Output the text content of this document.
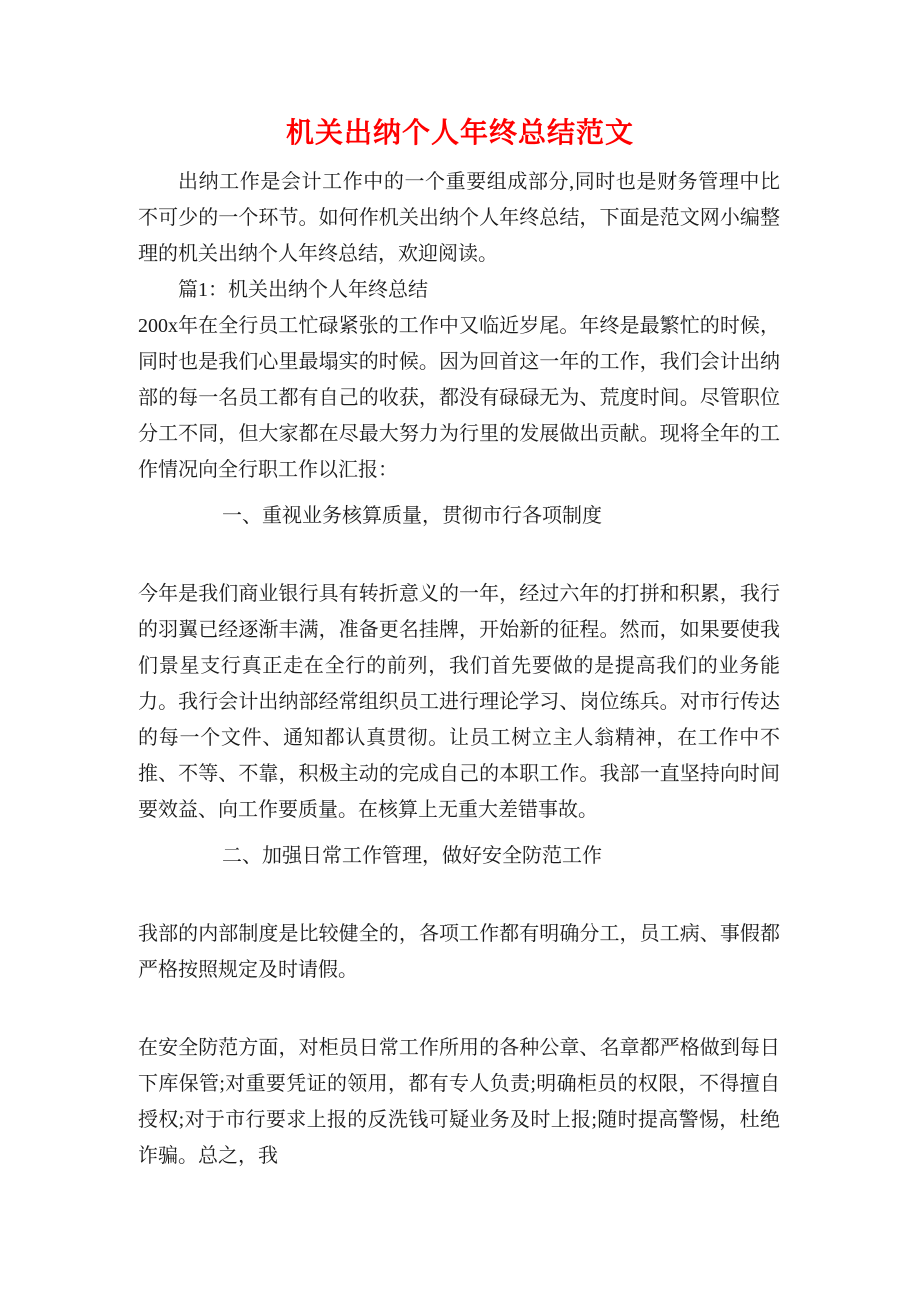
机关出纳个人年终总结范文
出纳工作是会计工作中的一个重要组成部分,同时也是财务管理中比不可少的一个环节。如何作机关出纳个人年终总结，下面是范文网小编整理的机关出纳个人年终总结，欢迎阅读。
篇1：机关出纳个人年终总结
200x年在全行员工忙碌紧张的工作中又临近岁尾。年终是最繁忙的时候，同时也是我们心里最塌实的时候。因为回首这一年的工作，我们会计出纳部的每一名员工都有自己的收获，都没有碌碌无为、荒度时间。尽管职位分工不同，但大家都在尽最大努力为行里的发展做出贡献。现将全年的工作情况向全行职工作以汇报：
一、重视业务核算质量，贯彻市行各项制度
今年是我们商业银行具有转折意义的一年，经过六年的打拼和积累，我行的羽翼已经逐渐丰满，准备更名挂牌，开始新的征程。然而，如果要使我们景星支行真正走在全行的前列，我们首先要做的是提高我们的业务能力。我行会计出纳部经常组织员工进行理论学习、岗位练兵。对市行传达的每一个文件、通知都认真贯彻。让员工树立主人翁精神，在工作中不推、不等、不靠，积极主动的完成自己的本职工作。我部一直坚持向时间要效益、向工作要质量。在核算上无重大差错事故。
二、加强日常工作管理，做好安全防范工作
我部的内部制度是比较健全的，各项工作都有明确分工，员工病、事假都严格按照规定及时请假。
在安全防范方面，对柜员日常工作所用的各种公章、名章都严格做到每日下库保管;对重要凭证的领用，都有专人负责;明确柜员的权限，不得擅自授权;对于市行要求上报的反洗钱可疑业务及时上报;随时提高警惕，杜绝诈骗。总之，我
